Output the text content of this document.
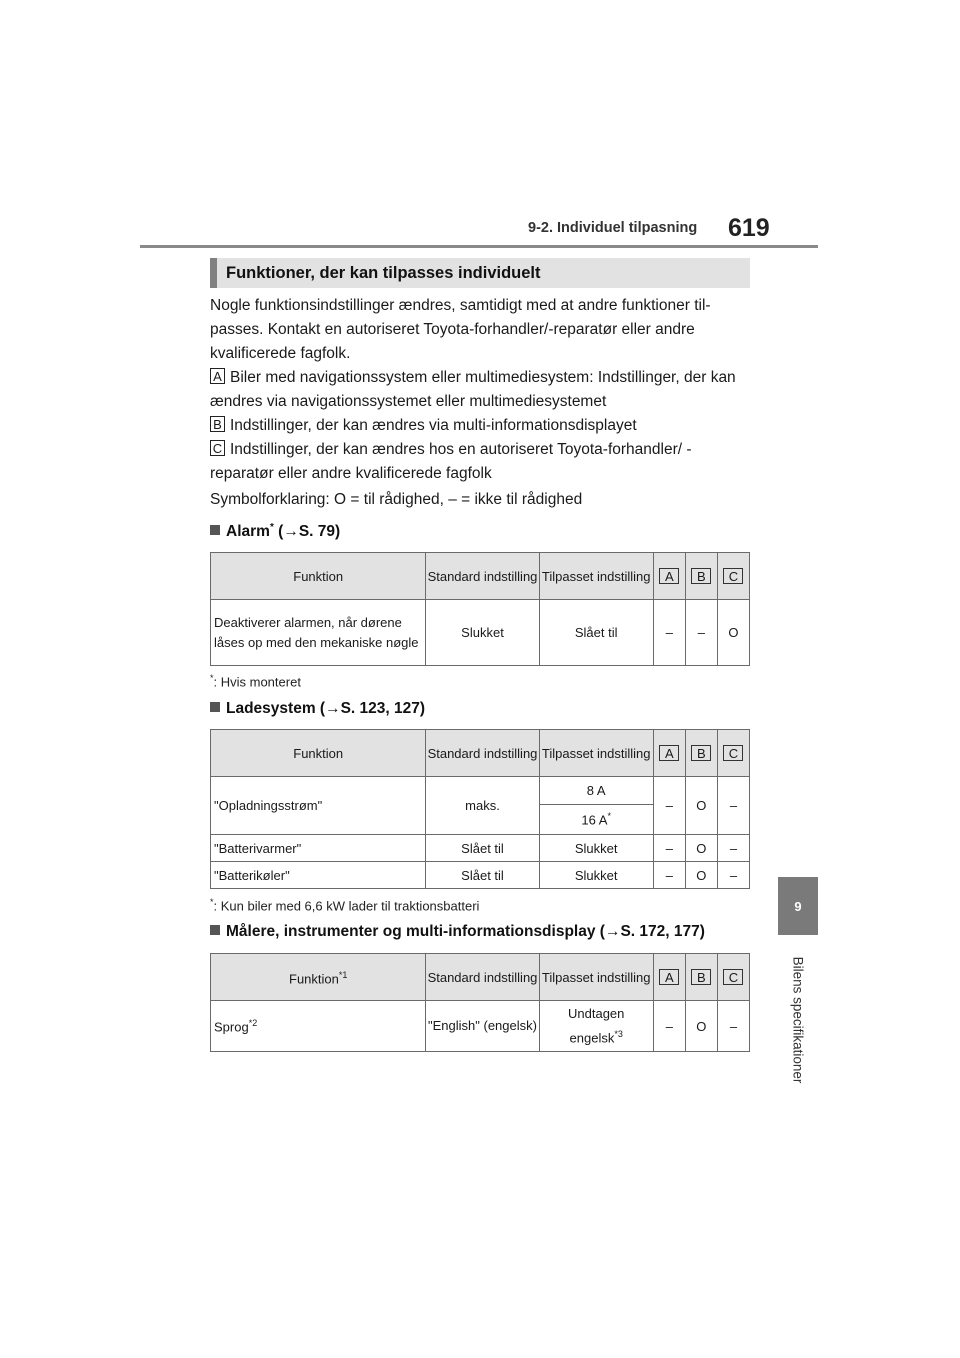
9-2. Individuel tilpasning 619
9
Bilens specifikationer
Funktioner, der kan tilpasses individuelt
Nogle funktionsindstillinger ændres, samtidigt med at andre funktioner til-passes. Kontakt en autoriseret Toyota-forhandler/-reparatør eller andre kvalificerede fagfolk.
A Biler med navigationssystem eller multimediesystem: Indstillinger, der kan ændres via navigationssystemet eller multimediesystemet
B Indstillinger, der kan ændres via multi-informationsdisplayet
C Indstillinger, der kan ændres hos en autoriseret Toyota-forhandler/ -reparatør eller andre kvalificerede fagfolk
Symbolforklaring: O = til rådighed, – = ikke til rådighed
Alarm* (→S. 79)
Funktion	Standard indstilling	Tilpasset indstilling	A	B	C
Deaktiverer alarmen, når dørene låses op med den mekaniske nøgle	Slukket	Slået til	–	–	O
*: Hvis monteret
Ladesystem (→S. 123, 127)
Funktion	Standard indstilling	Tilpasset indstilling	A	B	C
"Opladningsstrøm"	maks.	8 A	–	O	–
		16 A*
"Batterivarmer"	Slået til	Slukket	–	O	–
"Batterikøler"	Slået til	Slukket	–	O	–
*: Kun biler med 6,6 kW lader til traktionsbatteri
Målere, instrumenter og multi-informationsdisplay (→S. 172, 177)
Funktion$^{*1}$	Standard indstilling	Tilpasset indstilling	A	B	C
Sprog$^{*2}$	"English" (engelsk)	Undtagen engelsk$^{*3}$	–	O	–
